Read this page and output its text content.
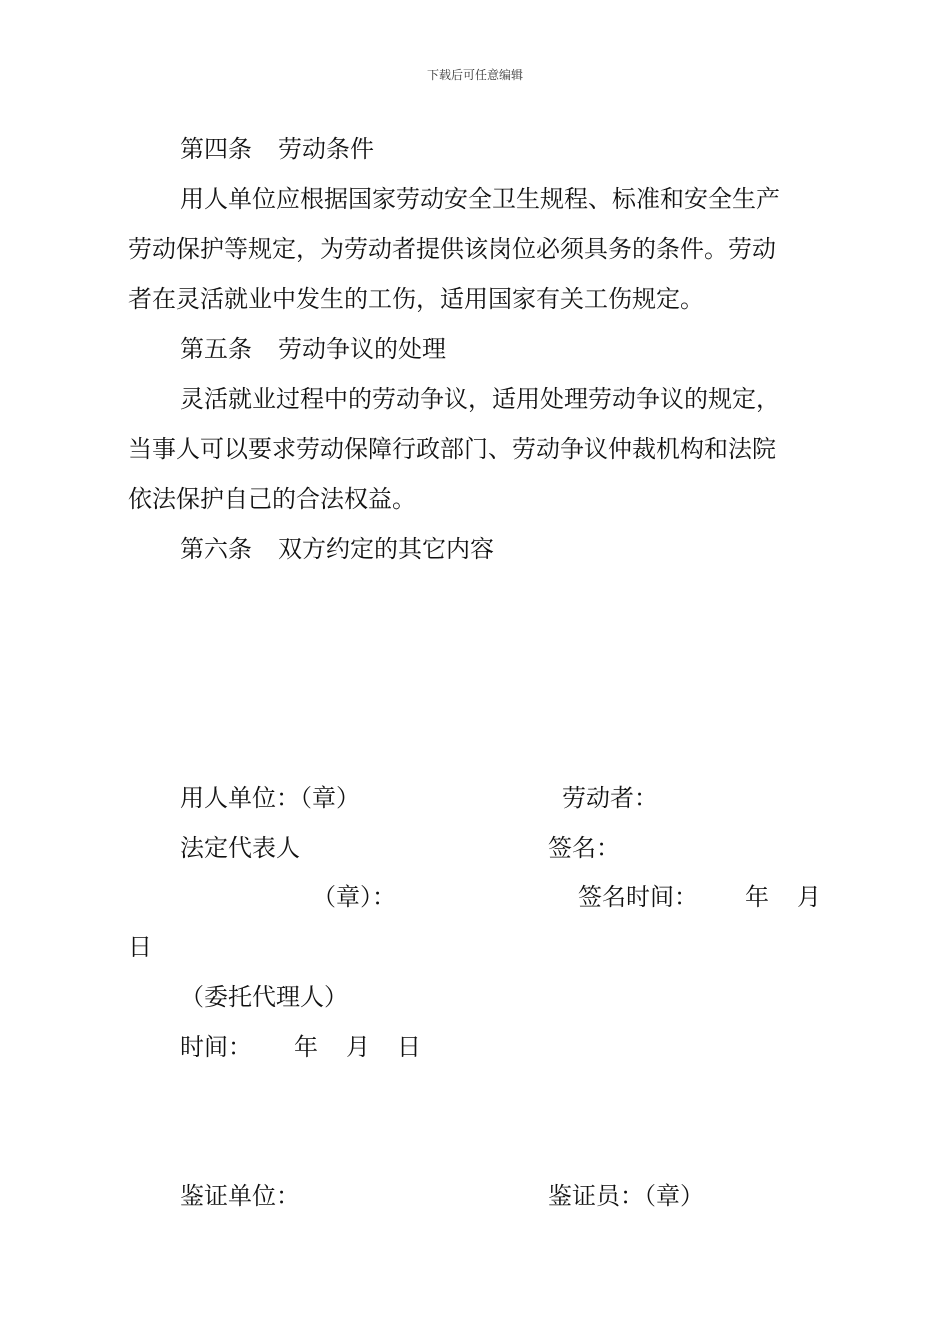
下载后可任意编辑
第四条 劳动条件
用人单位应根据国家劳动安全卫生规程、标准和安全生产
劳动保护等规定，为劳动者提供该岗位必须具务的条件。劳动
者在灵活就业中发生的工伤，适用国家有关工伤规定。
第五条 劳动争议的处理
灵活就业过程中的劳动争议，适用处理劳动争议的规定，
当事人可以要求劳动保障行政部门、劳动争议仲裁机构和法院
依法保护自己的合法权益。
第六条 双方约定的其它内容
用人单位：（章）	劳动者：
法定代表人	签名：
（章）：	签名时间： 年 月
日
（委托代理人）
时间： 年 月 日
鉴证单位：	鉴证员：（章）
